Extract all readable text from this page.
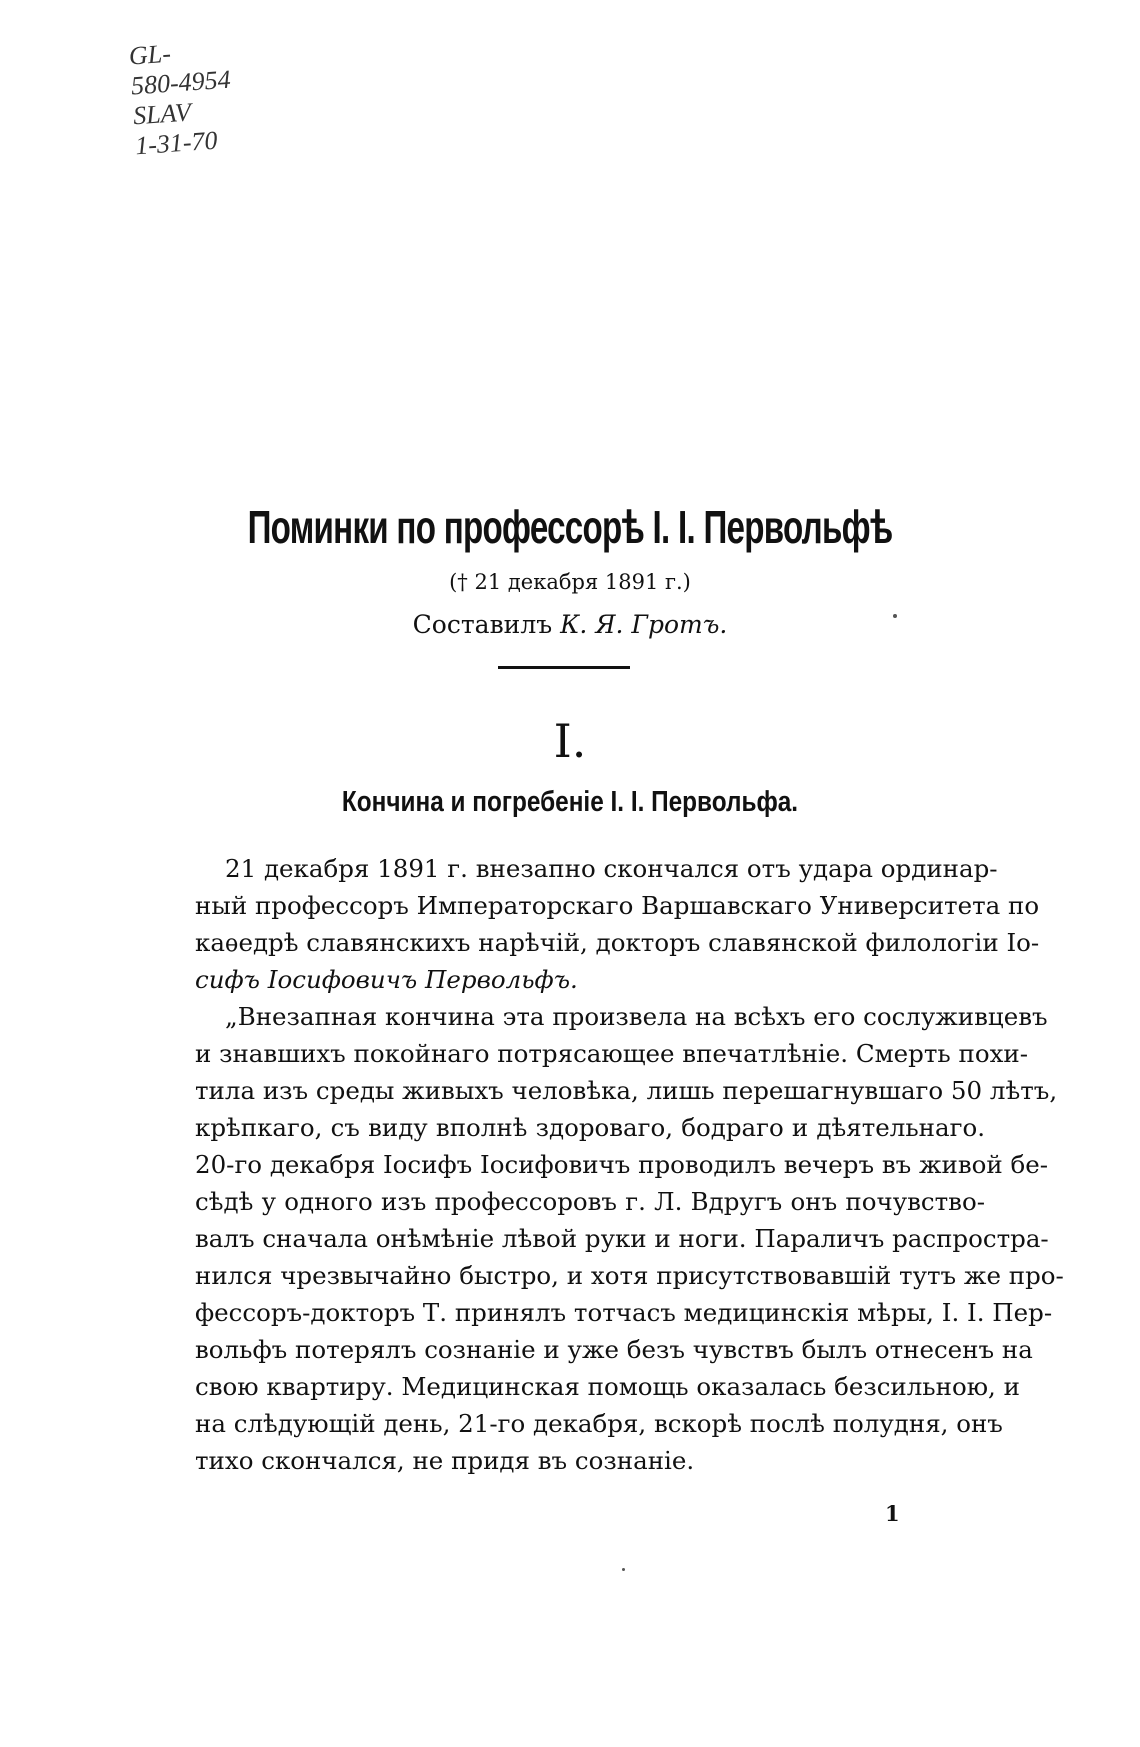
GL-
580-4954
SLAV
1-31-70
Поминки по профессорѣ I. I. Первольфѣ
(† 21 декабря 1891 г.)
Составилъ К. Я. Гротъ.
I.
Кончина и погребеніе I. I. Первольфа.
21 декабря 1891 г. внезапно скончался отъ удара ординар-
ный профессоръ Императорскаго Варшавскаго Университета по
каѳедрѣ славянскихъ нарѣчій, докторъ славянской филологіи Іо-
сифъ Іосифовичъ Первольфъ.
„Внезапная кончина эта произвела на всѣхъ его сослуживцевъ
и знавшихъ покойнаго потрясающее впечатлѣніе. Смерть похи-
тила изъ среды живыхъ человѣка, лишь перешагнувшаго 50 лѣтъ,
крѣпкаго, съ виду вполнѣ здороваго, бодраго и дѣятельнаго.
20-го декабря Іосифъ Іосифовичъ проводилъ вечеръ въ живой бе-
сѣдѣ у одного изъ профессоровъ г. Л. Вдругъ онъ почувство-
валъ сначала онѣмѣніе лѣвой руки и ноги. Параличъ распростра-
нился чрезвычайно быстро, и хотя присутствовавшій тутъ же про-
фессоръ-докторъ Т. принялъ тотчасъ медицинскія мѣры, I. I. Пер-
вольфъ потерялъ сознаніе и уже безъ чувствъ былъ отнесенъ на
свою квартиру. Медицинская помощь оказалась безсильною, и
на слѣдующій день, 21-го декабря, вскорѣ послѣ полудня, онъ
тихо скончался, не придя въ сознаніе.
1
